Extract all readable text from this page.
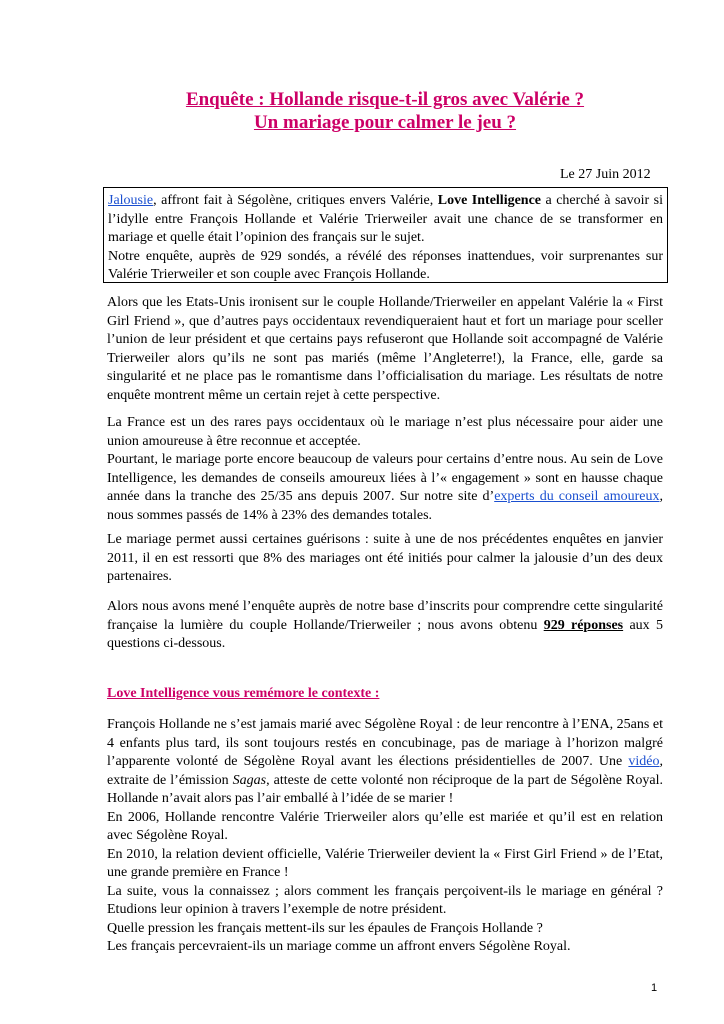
Enquête : Hollande risque-t-il gros avec Valérie ?
Un mariage pour calmer le jeu ?
Le 27 Juin 2012
Jalousie, affront fait à Ségolène, critiques envers Valérie, Love Intelligence a cherché à savoir si l’idylle entre François Hollande et Valérie Trierweiler avait une chance de se transformer en mariage et quelle était l’opinion des français sur le sujet.
Notre enquête, auprès de 929 sondés, a révélé des réponses inattendues, voir surprenantes sur Valérie Trierweiler et son couple avec François Hollande.
Alors que les Etats-Unis ironisent sur le couple Hollande/Trierweiler en appelant Valérie la « First Girl Friend », que d’autres pays occidentaux revendiqueraient haut et fort un mariage pour sceller l’union de leur président et que certains pays refuseront que Hollande soit accompagné de Valérie Trierweiler alors qu’ils ne sont pas mariés (même l’Angleterre!), la France, elle, garde sa singularité et ne place pas le romantisme dans l’officialisation du mariage. Les résultats de notre enquête montrent même un certain rejet à cette perspective.
La France est un des rares pays occidentaux où le mariage n’est plus nécessaire pour aider une union amoureuse à être reconnue et acceptée.
Pourtant, le mariage porte encore beaucoup de valeurs pour certains d’entre nous. Au sein de Love Intelligence, les demandes de conseils amoureux liées à l’« engagement » sont en hausse chaque année dans la tranche des 25/35 ans depuis 2007. Sur notre site d’experts du conseil amoureux, nous sommes passés de 14% à 23% des demandes totales.
Le mariage permet aussi certaines guérisons : suite à une de nos précédentes enquêtes en janvier 2011, il en est ressorti que 8% des mariages ont été initiés pour calmer la jalousie d’un des deux partenaires.
Alors nous avons mené l’enquête auprès de notre base d’inscrits pour comprendre cette singularité française la lumière du couple Hollande/Trierweiler ; nous avons obtenu 929 réponses aux 5 questions ci-dessous.
Love Intelligence vous remémore le contexte :
François Hollande ne s’est jamais marié avec Ségolène Royal : de leur rencontre à l’ENA, 25ans et 4 enfants plus tard, ils sont toujours restés en concubinage, pas de mariage à l’horizon malgré l’apparente volonté de Ségolène Royal avant les élections présidentielles de 2007. Une vidéo, extraite de l’émission Sagas, atteste de cette volonté non réciproque de la part de Ségolène Royal. Hollande n’avait alors pas l’air emballé à l’idée de se marier !
En 2006, Hollande rencontre Valérie Trierweiler alors qu’elle est mariée et qu’il est en relation avec Ségolène Royal.
En 2010, la relation devient officielle, Valérie Trierweiler devient la « First Girl Friend » de l’Etat, une grande première en France !
La suite, vous la connaissez ; alors comment les français perçoivent-ils le mariage en général ? Etudions leur opinion à travers l’exemple de notre président.
Quelle pression les français mettent-ils sur les épaules de François Hollande ?
Les français percevraient-ils un mariage comme un affront envers Ségolène Royal.
1
